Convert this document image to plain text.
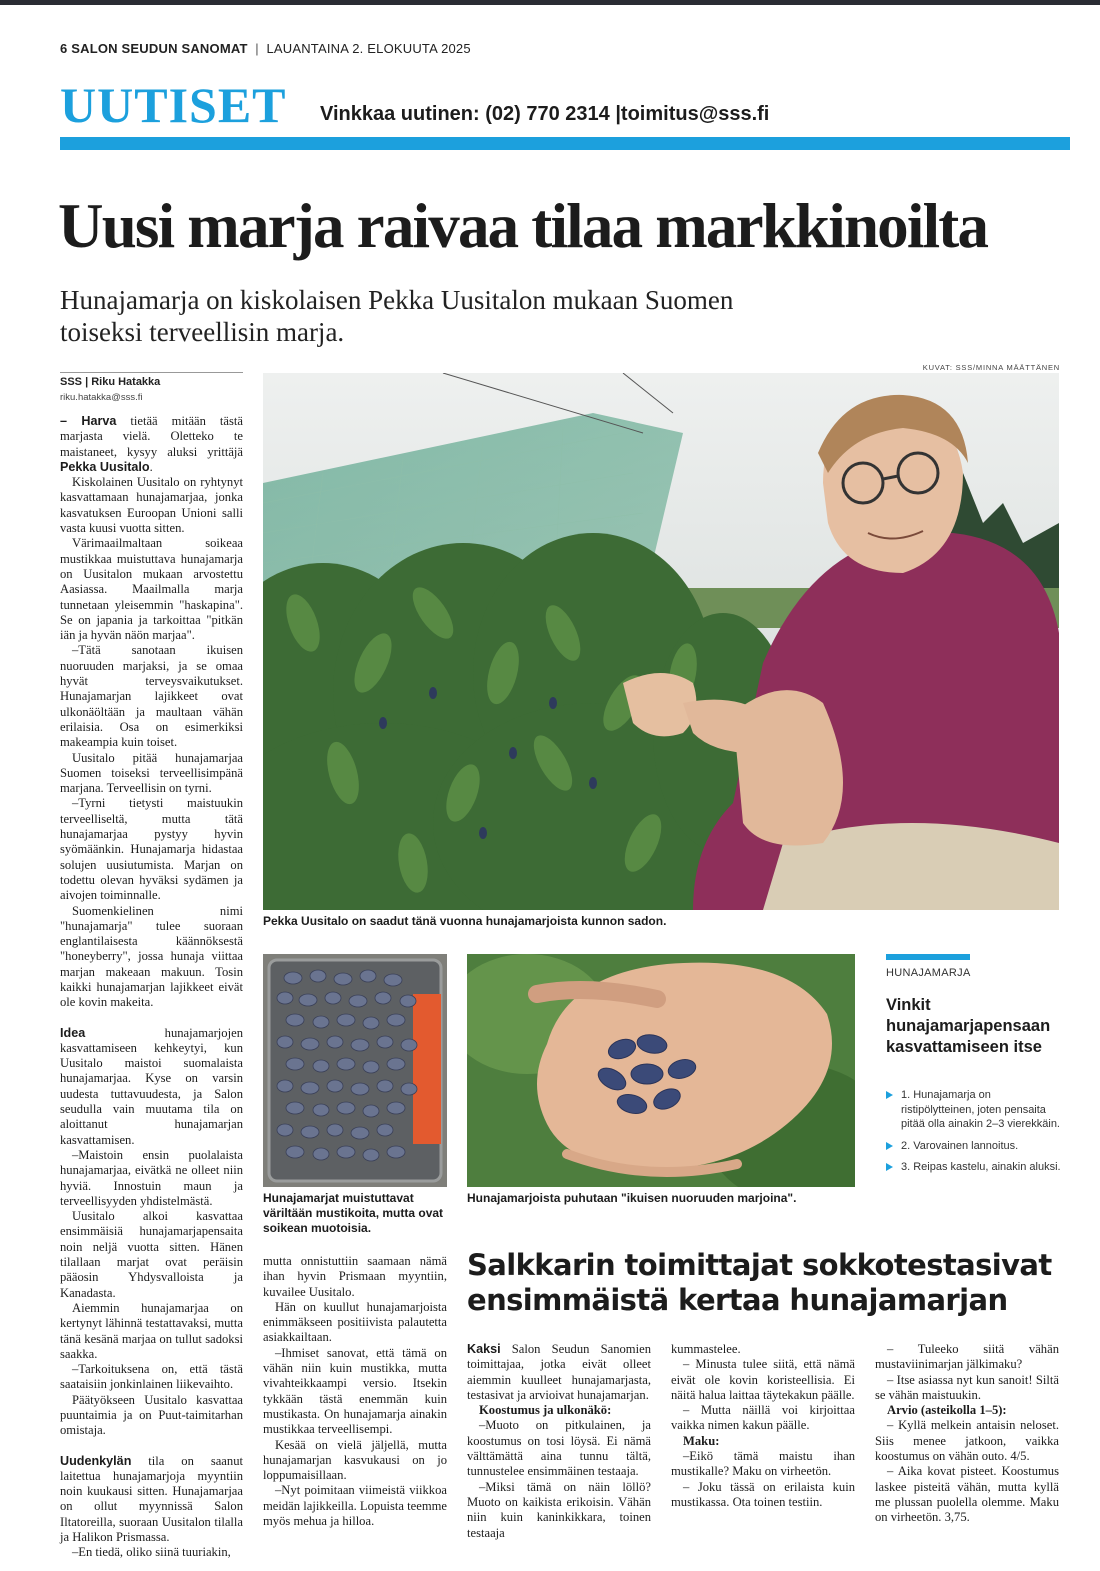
6 SALON SEUDUN SANOMAT | LAUANTAINA 2. ELOKUUTA 2025
UUTISET Vinkkaa uutinen: (02) 770 2314 |toimitus@sss.fi
Uusi marja raivaa tilaa markkinoilta
Hunajamarja on kiskolaisen Pekka Uusitalon mukaan Suomen toiseksi terveellisin marja.
KUVAT: SSS/MINNA MÄÄTTÄNEN
SSS | Riku Hatakka
riku.hatakka@sss.fi

– Harva tietää mitään tästä marjasta vielä. Oletteko te maistaneet, kysyy aluksi yrittäjä Pekka Uusitalo.

Kiskolainen Uusitalo on ryhtynyt kasvattamaan hunajamarjaa, jonka kasvatuksen Euroopan Unioni salli vasta kuusi vuotta sitten.

Värimaailmaltaan soikeaa mustikkaa muistuttava hunajamarja on Uusitalon mukaan arvostettu Aasiassa. Maailmalla marja tunnetaan yleisemmin "haskapina". Se on japania ja tarkoittaa "pitkän iän ja hyvän näön marjaa".

–Tätä sanotaan ikuisen nuoruuden marjaksi, ja se omaa hyvät terveysvaikutukset. Hunajamarjan lajikkeet ovat ulkonäöltään ja maultaan vähän erilaisia. Osa on esimerkiksi makeampia kuin toiset.

Uusitalo pitää hunajamarjaa Suomen toiseksi terveellisimpänä marjana. Terveellisin on tyrni.

–Tyrni tietysti maistuukin terveelliseltä, mutta tätä hunajamarjaa pystyy hyvin syömäänkin. Hunajamarja hidastaa solujen uusiutumista. Marjan on todettu olevan hyväksi sydämen ja aivojen toiminnalle.

Suomenkielinen nimi "hunajamarja" tulee suoraan englantilaisesta käännöksestä "honeyberry", jossa hunaja viittaa marjan makeaan makuun. Tosin kaikki hunajamarjan lajikkeet eivät ole kovin makeita.

Idea hunajamarjojen kasvattamiseen kehkeytyi, kun Uusitalo maistoi suomalaista hunajamarjaa. Kyse on varsin uudesta tuttavuudesta, ja Salon seudulla vain muutama tila on aloittanut hunajamarjan kasvattamisen.

–Maistoin ensin puolalaista hunajamarjaa, eivätkä ne olleet niin hyviä. Innostuin maun ja terveellisyyden yhdistelmästä.

Uusitalo alkoi kasvattaa ensimmäisiä hunajamarjapensaita noin neljä vuotta sitten. Hänen tilallaan marjat ovat peräisin pääosin Yhdysvalloista ja Kanadasta.

Aiemmin hunajamarjaa on kertynyt lähinnä testattavaksi, mutta tänä kesänä marjaa on tullut sadoksi saakka.

–Tarkoituksena on, että tästä saataisiin jonkinlainen liikevaihto.

Päätyökseen Uusitalo kasvattaa puuntaimia ja on Puut-taimitarhan omistaja.

Uudenkylän tila on saanut laitettua hunajamarjoja myyntiin noin kuukausi sitten. Hunajamarjaa on ollut myynnissä Salon Iltatoreilla, suoraan Uusitalon tilalla ja Halikon Prismassa.

–En tiedä, oliko siinä tuuriakin,

Pekka Uusitalo on saadut tänä vuonna hunajamarjoista kunnon sadon.
Hunajamarjat muistuttavat väriltään mustikoita, mutta ovat soikean muotoisia.
Hunajamarjoista puhutaan "ikuisen nuoruuden marjoina".
HUNAJAMARJA
Vinkit hunajamarjapensaan kasvattamiseen itse
1. Hunajamarja on ristipölytteinen, joten pensaita pitää olla ainakin 2–3 vierekkäin.
2. Varovainen lannoitus.
3. Reipas kastelu, ainakin aluksi.

mutta onnistuttiin saamaan nämä ihan hyvin Prismaan myyntiin, kuvailee Uusitalo.

Hän on kuullut hunajamarjoista enimmäkseen positiivista palautetta asiakkailtaan.

–Ihmiset sanovat, että tämä on vähän niin kuin mustikka, mutta vivahteikkaampi versio. Itsekin tykkään tästä enemmän kuin mustikasta. On hunajamarja ainakin mustikkaa terveellisempi.

Kesää on vielä jäljellä, mutta hunajamarjan kasvukausi on jo loppumaisillaan.

–Nyt poimitaan viimeistä viikkoa meidän lajikkeilla. Lopuista teemme myös mehua ja hilloa.

Salkkarin toimittajat sokkotestasivat ensimmäistä kertaa hunajamarjan

Kaksi Salon Seudun Sanomien toimittajaa, jotka eivät olleet aiemmin kuulleet hunajamarjasta, testasivat ja arvioivat hunajamarjan.

Koostumus ja ulkonäkö:

–Muoto on pitkulainen, ja koostumus on tosi löysä. Ei nämä välttämättä aina tunnu tältä, tunnustelee ensimmäinen testaaja.

–Miksi tämä on näin löllö? Muoto on kaikista erikoisin. Vähän niin kuin kaninkikkara, toinen testaaja

kummastelee.

– Minusta tulee siitä, että nämä eivät ole kovin koristeellisia. Ei näitä halua laittaa täytekakun päälle.

– Mutta näillä voi kirjoittaa vaikka nimen kakun päälle.

Maku:

–Eikö tämä maistu ihan mustikalle? Maku on virheetön.

– Joku tässä on erilaista kuin mustikassa. Ota toinen testiin.

– Tuleeko siitä vähän mustaviinimarjan jälkimaku?

– Itse asiassa nyt kun sanoit! Siltä se vähän maistuukin.

Arvio (asteikolla 1–5):

– Kyllä melkein antaisin neloset. Siis menee jatkoon, vaikka koostumus on vähän outo. 4/5.

– Aika kovat pisteet. Koostumus laskee pisteitä vähän, mutta kyllä me plussan puolella olemme. Maku on virheetön. 3,75.
